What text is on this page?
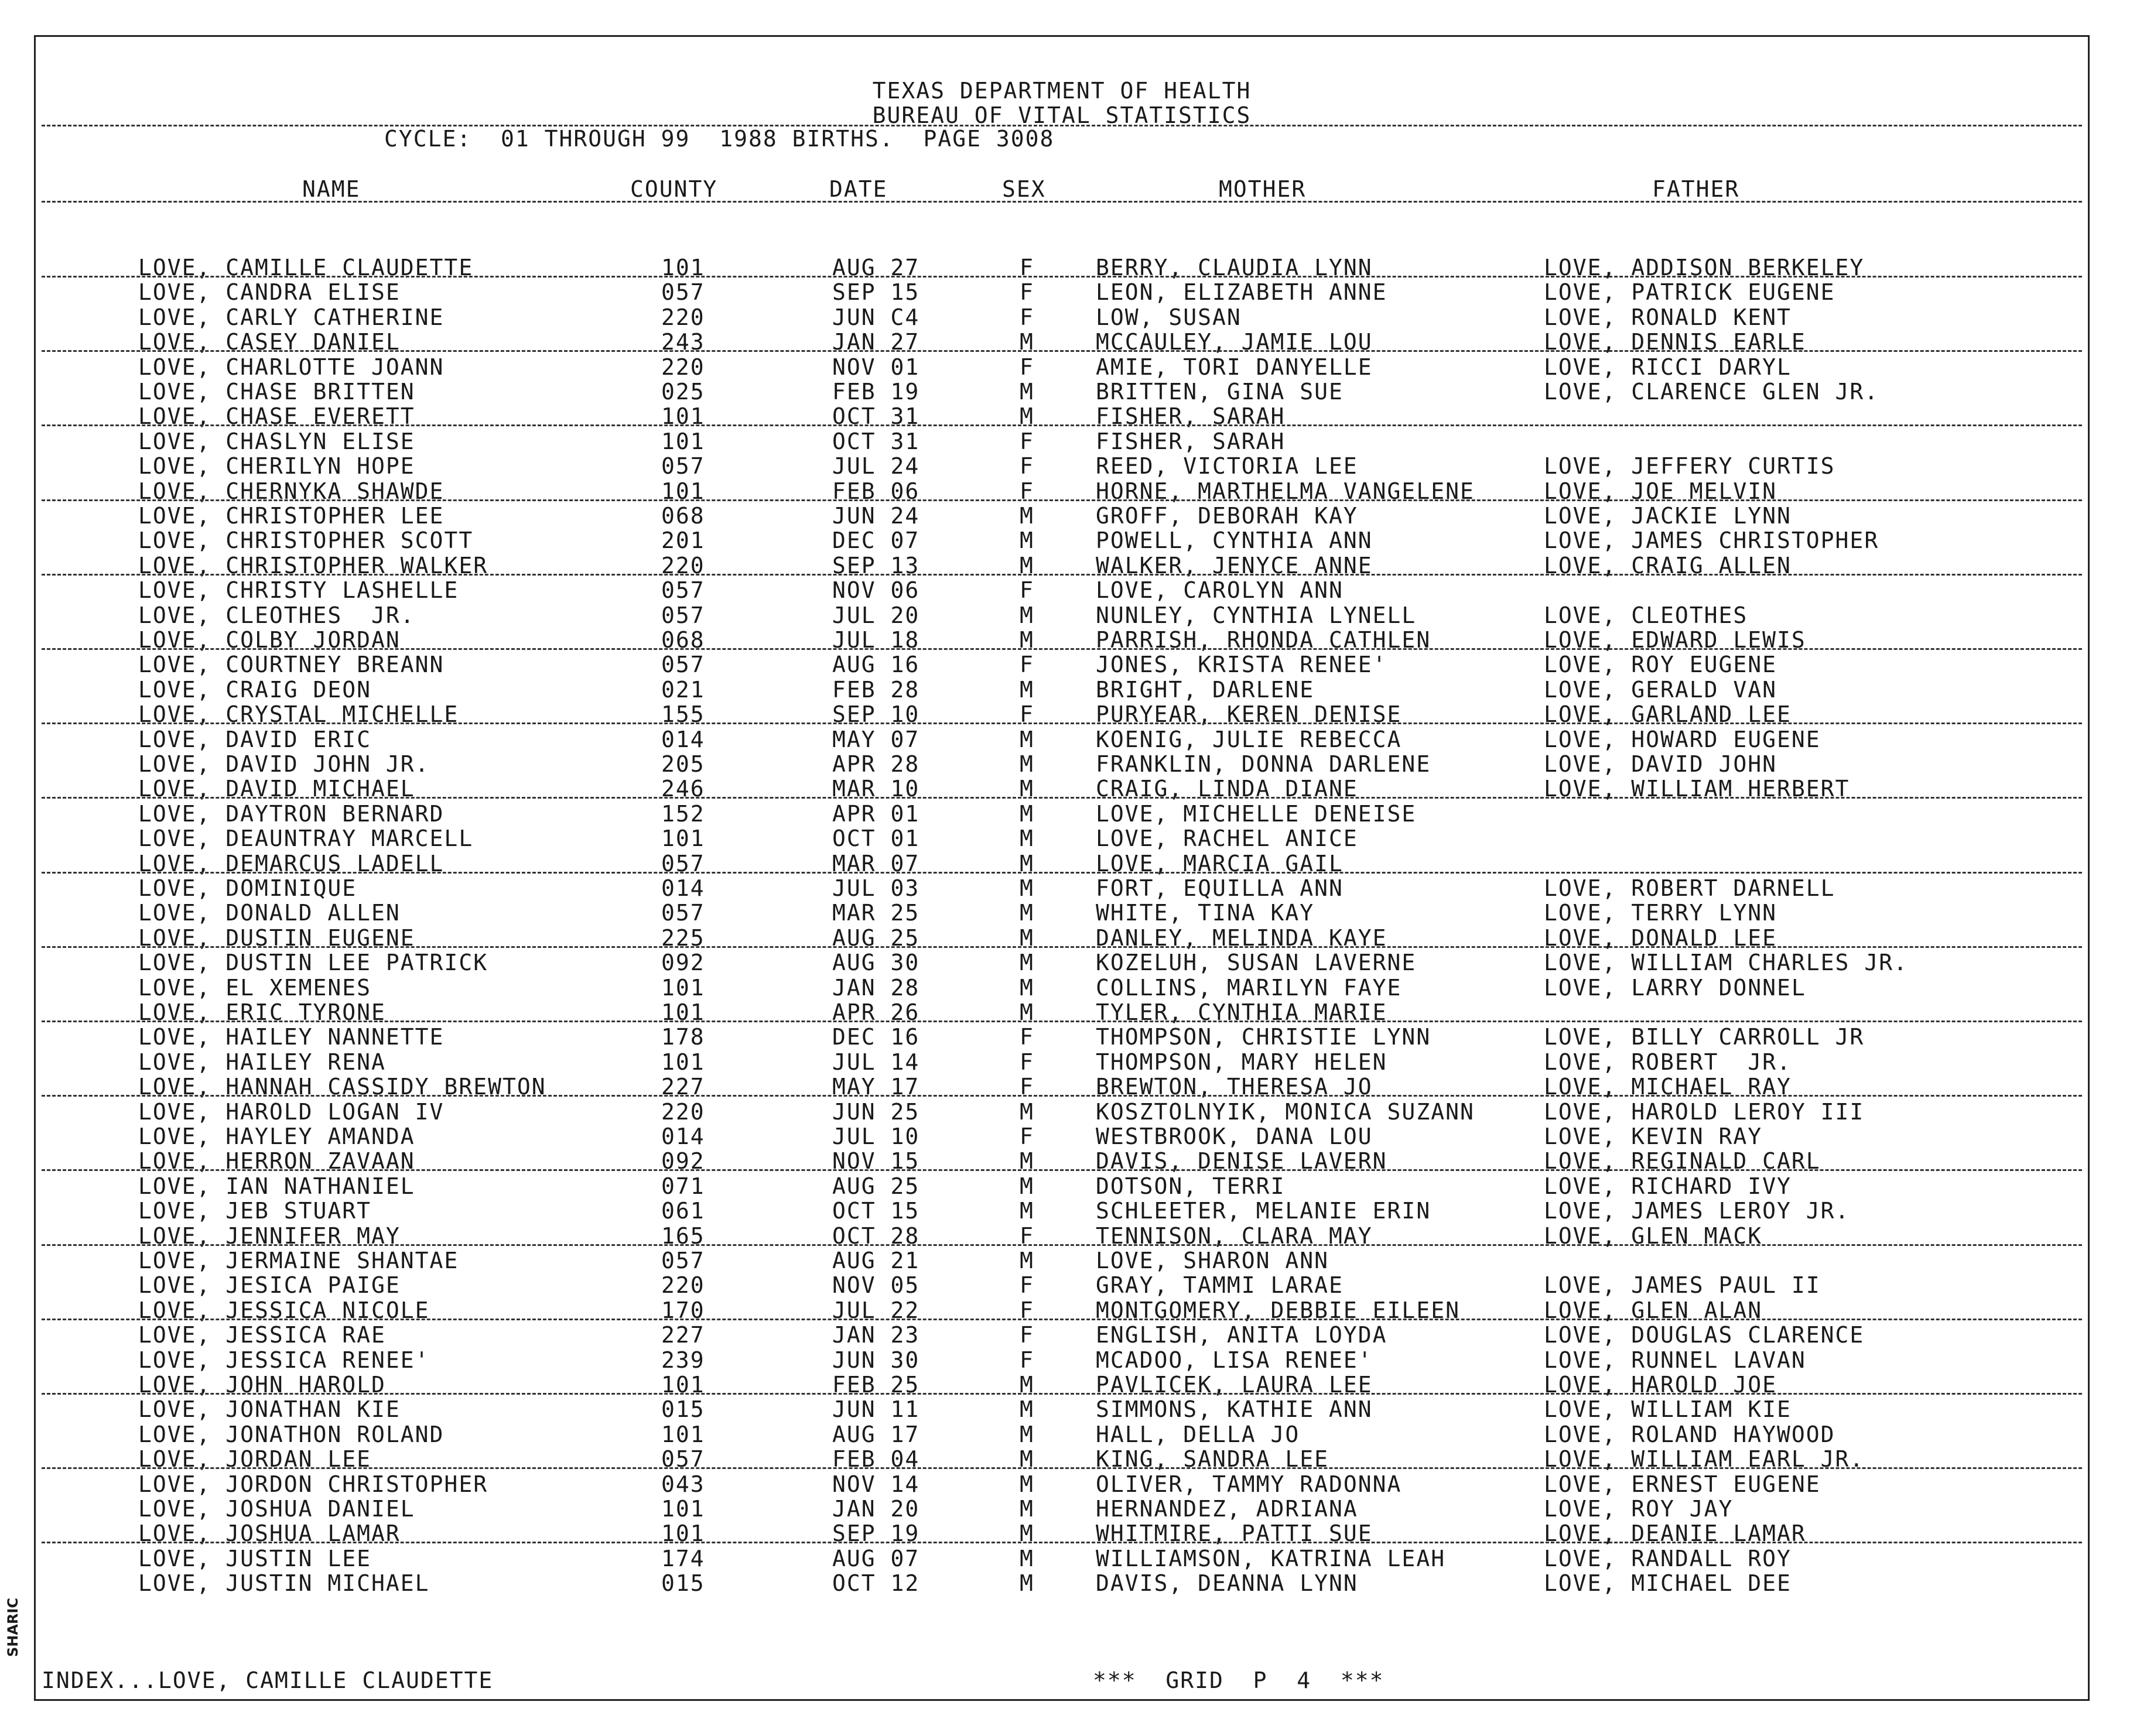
TEXAS DEPARTMENT OF HEALTH
BUREAU OF VITAL STATISTICS
CYCLE:  01 THROUGH 99  1988 BIRTHS.  PAGE 3008
NAME	COUNTY	DATE	SEX	MOTHER	FATHER
LOVE, CAMILLE CLAUDETTE	101	AUG 27	F	BERRY, CLAUDIA LYNN	LOVE, ADDISON BERKELEY
LOVE, CANDRA ELISE	057	SEP 15	F	LEON, ELIZABETH ANNE	LOVE, PATRICK EUGENE
LOVE, CARLY CATHERINE	220	JUN C4	F	LOW, SUSAN	LOVE, RONALD KENT
LOVE, CASEY DANIEL	243	JAN 27	M	MCCAULEY, JAMIE LOU	LOVE, DENNIS EARLE
LOVE, CHARLOTTE JOANN	220	NOV 01	F	AMIE, TORI DANYELLE	LOVE, RICCI DARYL
LOVE, CHASE BRITTEN	025	FEB 19	M	BRITTEN, GINA SUE	LOVE, CLARENCE GLEN JR.
LOVE, CHASE EVERETT	101	OCT 31	M	FISHER, SARAH
LOVE, CHASLYN ELISE	101	OCT 31	F	FISHER, SARAH
LOVE, CHERILYN HOPE	057	JUL 24	F	REED, VICTORIA LEE	LOVE, JEFFERY CURTIS
LOVE, CHERNYKA SHAWDE	101	FEB 06	F	HORNE, MARTHELMA VANGELENE	LOVE, JOE MELVIN
LOVE, CHRISTOPHER LEE	068	JUN 24	M	GROFF, DEBORAH KAY	LOVE, JACKIE LYNN
LOVE, CHRISTOPHER SCOTT	201	DEC 07	M	POWELL, CYNTHIA ANN	LOVE, JAMES CHRISTOPHER
LOVE, CHRISTOPHER WALKER	220	SEP 13	M	WALKER, JENYCE ANNE	LOVE, CRAIG ALLEN
LOVE, CHRISTY LASHELLE	057	NOV 06	F	LOVE, CAROLYN ANN
LOVE, CLEOTHES  JR.	057	JUL 20	M	NUNLEY, CYNTHIA LYNELL	LOVE, CLEOTHES
LOVE, COLBY JORDAN	068	JUL 18	M	PARRISH, RHONDA CATHLEN	LOVE, EDWARD LEWIS
LOVE, COURTNEY BREANN	057	AUG 16	F	JONES, KRISTA RENEE'	LOVE, ROY EUGENE
LOVE, CRAIG DEON	021	FEB 28	M	BRIGHT, DARLENE	LOVE, GERALD VAN
LOVE, CRYSTAL MICHELLE	155	SEP 10	F	PURYEAR, KEREN DENISE	LOVE, GARLAND LEE
LOVE, DAVID ERIC	014	MAY 07	M	KOENIG, JULIE REBECCA	LOVE, HOWARD EUGENE
LOVE, DAVID JOHN JR.	205	APR 28	M	FRANKLIN, DONNA DARLENE	LOVE, DAVID JOHN
LOVE, DAVID MICHAEL	246	MAR 10	M	CRAIG, LINDA DIANE	LOVE, WILLIAM HERBERT
LOVE, DAYTRON BERNARD	152	APR 01	M	LOVE, MICHELLE DENEISE
LOVE, DEAUNTRAY MARCELL	101	OCT 01	M	LOVE, RACHEL ANICE
LOVE, DEMARCUS LADELL	057	MAR 07	M	LOVE, MARCIA GAIL
LOVE, DOMINIQUE	014	JUL 03	M	FORT, EQUILLA ANN	LOVE, ROBERT DARNELL
LOVE, DONALD ALLEN	057	MAR 25	M	WHITE, TINA KAY	LOVE, TERRY LYNN
LOVE, DUSTIN EUGENE	225	AUG 25	M	DANLEY, MELINDA KAYE	LOVE, DONALD LEE
LOVE, DUSTIN LEE PATRICK	092	AUG 30	M	KOZELUH, SUSAN LAVERNE	LOVE, WILLIAM CHARLES JR.
LOVE, EL XEMENES	101	JAN 28	M	COLLINS, MARILYN FAYE	LOVE, LARRY DONNEL
LOVE, ERIC TYRONE	101	APR 26	M	TYLER, CYNTHIA MARIE
LOVE, HAILEY NANNETTE	178	DEC 16	F	THOMPSON, CHRISTIE LYNN	LOVE, BILLY CARROLL JR
LOVE, HAILEY RENA	101	JUL 14	F	THOMPSON, MARY HELEN	LOVE, ROBERT  JR.
LOVE, HANNAH CASSIDY BREWTON	227	MAY 17	F	BREWTON, THERESA JO	LOVE, MICHAEL RAY
LOVE, HAROLD LOGAN IV	220	JUN 25	M	KOSZTOLNYIK, MONICA SUZANN	LOVE, HAROLD LEROY III
LOVE, HAYLEY AMANDA	014	JUL 10	F	WESTBROOK, DANA LOU	LOVE, KEVIN RAY
LOVE, HERRON ZAVAAN	092	NOV 15	M	DAVIS, DENISE LAVERN	LOVE, REGINALD CARL
LOVE, IAN NATHANIEL	071	AUG 25	M	DOTSON, TERRI	LOVE, RICHARD IVY
LOVE, JEB STUART	061	OCT 15	M	SCHLEETER, MELANIE ERIN	LOVE, JAMES LEROY JR.
LOVE, JENNIFER MAY	165	OCT 28	F	TENNISON, CLARA MAY	LOVE, GLEN MACK
LOVE, JERMAINE SHANTAE	057	AUG 21	M	LOVE, SHARON ANN
LOVE, JESICA PAIGE	220	NOV 05	F	GRAY, TAMMI LARAE	LOVE, JAMES PAUL II
LOVE, JESSICA NICOLE	170	JUL 22	F	MONTGOMERY, DEBBIE EILEEN	LOVE, GLEN ALAN
LOVE, JESSICA RAE	227	JAN 23	F	ENGLISH, ANITA LOYDA	LOVE, DOUGLAS CLARENCE
LOVE, JESSICA RENEE'	239	JUN 30	F	MCADOO, LISA RENEE'	LOVE, RUNNEL LAVAN
LOVE, JOHN HAROLD	101	FEB 25	M	PAVLICEK, LAURA LEE	LOVE, HAROLD JOE
LOVE, JONATHAN KIE	015	JUN 11	M	SIMMONS, KATHIE ANN	LOVE, WILLIAM KIE
LOVE, JONATHON ROLAND	101	AUG 17	M	HALL, DELLA JO	LOVE, ROLAND HAYWOOD
LOVE, JORDAN LEE	057	FEB 04	M	KING, SANDRA LEE	LOVE, WILLIAM EARL JR.
LOVE, JORDON CHRISTOPHER	043	NOV 14	M	OLIVER, TAMMY RADONNA	LOVE, ERNEST EUGENE
LOVE, JOSHUA DANIEL	101	JAN 20	M	HERNANDEZ, ADRIANA	LOVE, ROY JAY
LOVE, JOSHUA LAMAR	101	SEP 19	M	WHITMIRE, PATTI SUE	LOVE, DEANIE LAMAR
LOVE, JUSTIN LEE	174	AUG 07	M	WILLIAMSON, KATRINA LEAH	LOVE, RANDALL ROY
LOVE, JUSTIN MICHAEL	015	OCT 12	M	DAVIS, DEANNA LYNN	LOVE, MICHAEL DEE
INDEX...LOVE, CAMILLE CLAUDETTE	***  GRID  P  4  ***
SHARIC
